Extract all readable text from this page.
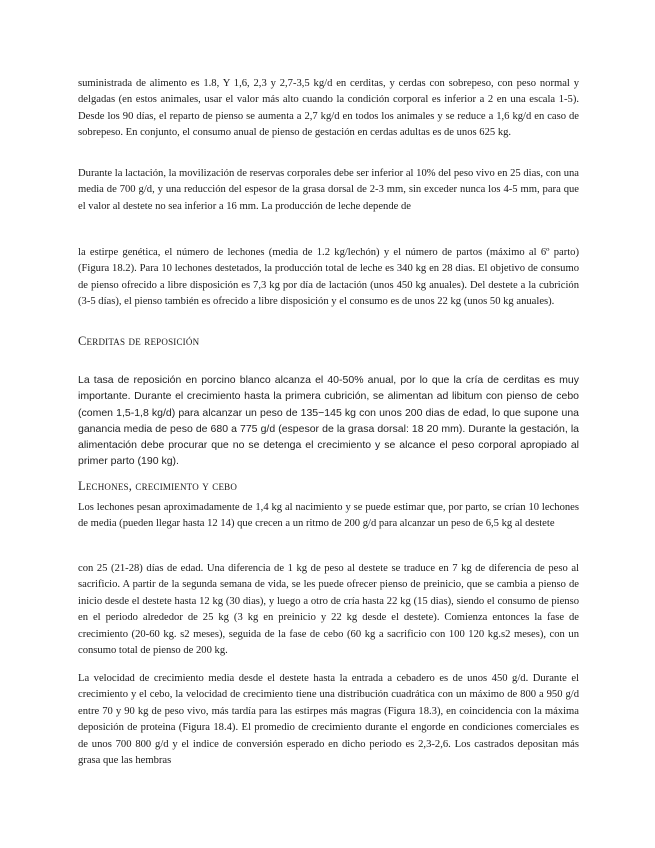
suministrada de alimento es 1.8, Y 1,6, 2,3 y 2,7-3,5 kg/d en cerditas, y cerdas con sobrepeso, con peso normal y delgadas (en estos animales, usar el valor más alto cuando la condición corporal es inferior a 2 en una escala 1-5). Desde los 90 días, el reparto de pienso se aumenta a 2,7 kg/d en todos los animales y se reduce a 1,6 kg/d en caso de sobrepeso. En conjunto, el consumo anual de pienso de gestación en cerdas adultas es de unos 625 kg.

Durante la lactación, la movilización de reservas corporales debe ser inferior al 10% del peso vivo en 25 dias, con una media de 700 g/d, y una reducción del espesor de la grasa dorsal de 2-3 mm, sin exceder nunca los 4-5 mm, para que el valor al destete no sea inferior a 16 mm. La producción de leche depende de

la estirpe genética, el número de lechones (media de 1.2 kg/lechón) y el número de partos (máximo al 6º parto) (Figura 18.2). Para 10 lechones destetados, la producción total de leche es 340 kg en 28 dias. El objetivo de consumo de pienso ofrecido a libre disposición es 7,3 kg por día de lactación (unos 450 kg anuales). Del destete a la cubrición (3-5 días), el pienso también es ofrecido a libre disposición y el consumo es de unos 22 kg (unos 50 kg anuales).

Cerditas de reposición

La tasa de reposición en porcino blanco alcanza el 40-50% anual, por lo que la cría de cerditas es muy importante. Durante el crecimiento hasta la primera cubrición, se alimentan ad libitum con pienso de cebo (comen 1,5-1,8 kg/d) para alcanzar un peso de 135−145 kg con unos 200 dias de edad, lo que supone una ganancia media de peso de 680 a 775 g/d (espesor de la grasa dorsal: 18 20 mm). Durante la gestación, la alimentación debe procurar que no se detenga el crecimiento y se alcance el peso corporal apropiado al primer parto (190 kg).

Lechones, crecimiento y cebo

Los lechones pesan aproximadamente de 1,4 kg al nacimiento y se puede estimar que, por parto, se crían 10 lechones de media (pueden llegar hasta 12 14) que crecen a un ritmo de 200 g/d para alcanzar un peso de 6,5 kg al destete

con 25 (21-28) días de edad. Una diferencia de 1 kg de peso al destete se traduce en 7 kg de diferencia de peso al sacrificio. A partir de la segunda semana de vida, se les puede ofrecer pienso de preinicio, que se cambia a pienso de inicio desde el destete hasta 12 kg (30 dias), y luego a otro de cría hasta 22 kg (15 dias), siendo el consumo de pienso en el periodo alrededor de 25 kg (3 kg en preinicio y 22 kg desde el destete). Comienza entonces la fase de crecimiento (20-60 kg. s2 meses), seguida de la fase de cebo (60 kg a sacrificio con 100 120 kg.s2 meses), con un consumo total de pienso de 200 kg.

La velocidad de crecimiento media desde el destete hasta la entrada a cebadero es de unos 450 g/d. Durante el crecimiento y el cebo, la velocidad de crecimiento tiene una distribución cuadrática con un máximo de 800 a 950 g/d entre 70 y 90 kg de peso vivo, más tardía para las estirpes más magras (Figura 18.3), en coincidencia con la máxima deposición de proteina (Figura 18.4). El promedio de crecimiento durante el engorde en condiciones comerciales es de unos 700 800 g/d y el indice de conversión esperado en dicho periodo es 2,3-2,6. Los castrados depositan más grasa que las hembras
